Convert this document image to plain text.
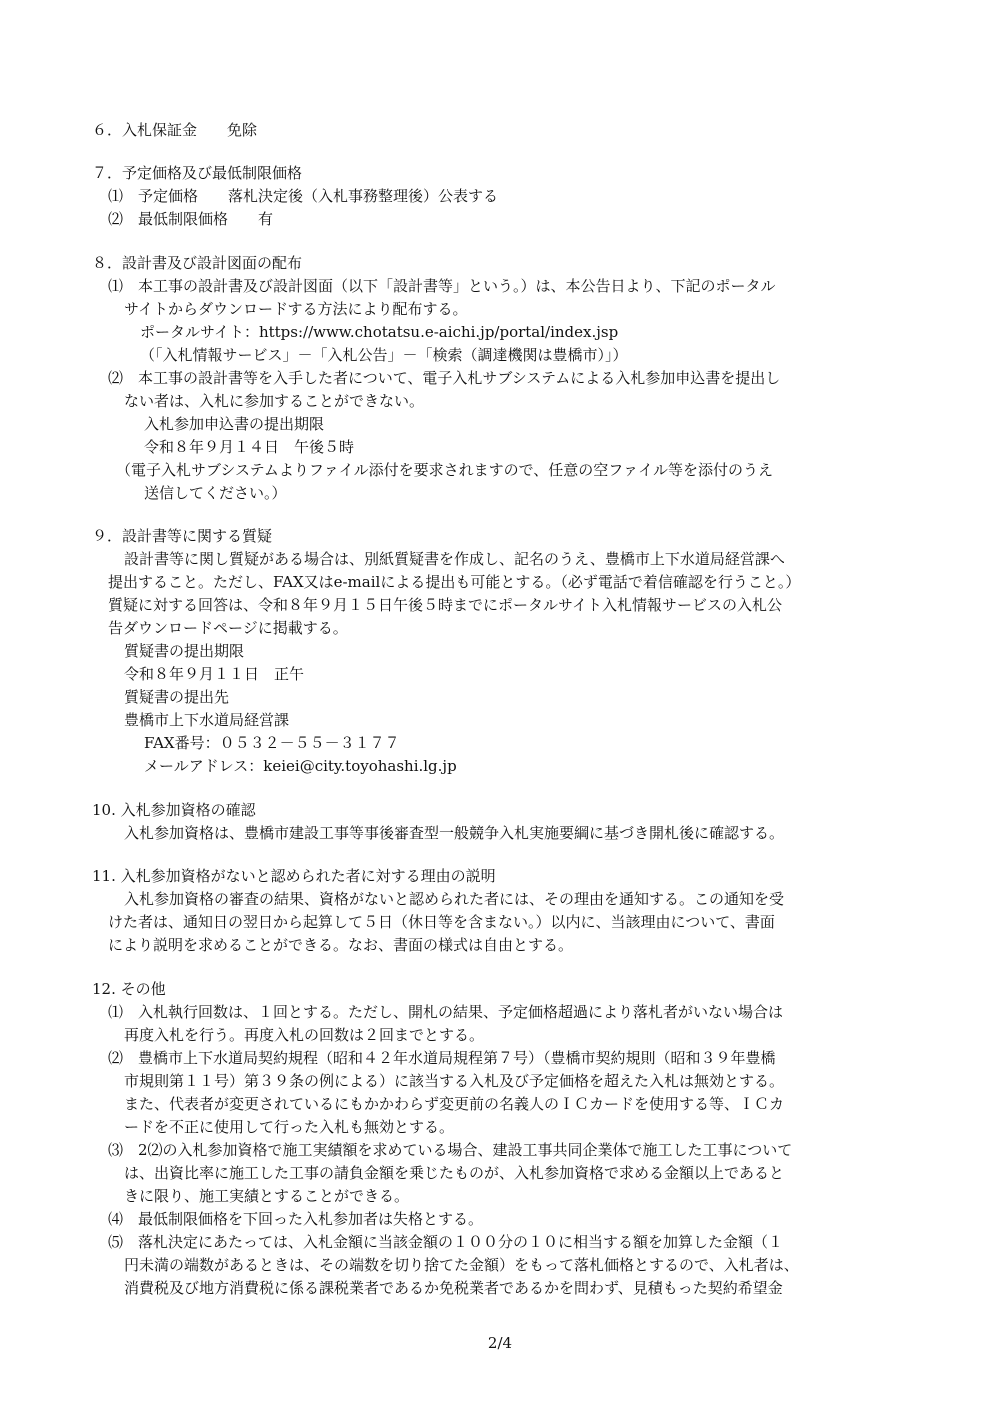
６．入札保証金　　免除
７．予定価格及び最低制限価格
⑴　予定価格　　落札決定後（入札事務整理後）公表する
⑵　最低制限価格　　有
８．設計書及び設計図面の配布
⑴　本工事の設計書及び設計図面（以下「設計書等」という。）は、本公告日より、下記のポータル
サイトからダウンロードする方法により配布する。
ポータルサイト：https://www.chotatsu.e-aichi.jp/portal/index.jsp
（「入札情報サービス」－「入札公告」－「検索（調達機関は豊橋市）」）
⑵　本工事の設計書等を入手した者について、電子入札サブシステムによる入札参加申込書を提出し
ない者は、入札に参加することができない。
入札参加申込書の提出期限
令和８年９月１４日　午後５時
（電子入札サブシステムよりファイル添付を要求されますので、任意の空ファイル等を添付のうえ
送信してください。）
９．設計書等に関する質疑
設計書等に関し質疑がある場合は、別紙質疑書を作成し、記名のうえ、豊橋市上下水道局経営課へ
提出すること。ただし、FAX又はe-mailによる提出も可能とする。（必ず電話で着信確認を行うこと。）
質疑に対する回答は、令和８年９月１５日午後５時までにポータルサイト入札情報サービスの入札公
告ダウンロードページに掲載する。
質疑書の提出期限
令和８年９月１１日　正午
質疑書の提出先
豊橋市上下水道局経営課
FAX番号：０５３２－５５－３１７７
メールアドレス：keiei@city.toyohashi.lg.jp
10. 入札参加資格の確認
入札参加資格は、豊橋市建設工事等事後審査型一般競争入札実施要綱に基づき開札後に確認する。
11. 入札参加資格がないと認められた者に対する理由の説明
入札参加資格の審査の結果、資格がないと認められた者には、その理由を通知する。この通知を受
けた者は、通知日の翌日から起算して５日（休日等を含まない。）以内に、当該理由について、書面
により説明を求めることができる。なお、書面の様式は自由とする。
12. その他
⑴　入札執行回数は、１回とする。ただし、開札の結果、予定価格超過により落札者がいない場合は
再度入札を行う。再度入札の回数は２回までとする。
⑵　豊橋市上下水道局契約規程（昭和４２年水道局規程第７号）（豊橋市契約規則（昭和３９年豊橋
市規則第１１号）第３９条の例による）に該当する入札及び予定価格を超えた入札は無効とする。
また、代表者が変更されているにもかかわらず変更前の名義人のＩＣカードを使用する等、ＩＣカ
ードを不正に使用して行った入札も無効とする。
⑶　2⑵の入札参加資格で施工実績額を求めている場合、建設工事共同企業体で施工した工事について
は、出資比率に施工した工事の請負金額を乗じたものが、入札参加資格で求める金額以上であると
きに限り、施工実績とすることができる。
⑷　最低制限価格を下回った入札参加者は失格とする。
⑸　落札決定にあたっては、入札金額に当該金額の１００分の１０に相当する額を加算した金額（１
円未満の端数があるときは、その端数を切り捨てた金額）をもって落札価格とするので、入札者は、
消費税及び地方消費税に係る課税業者であるか免税業者であるかを問わず、見積もった契約希望金
2/4
